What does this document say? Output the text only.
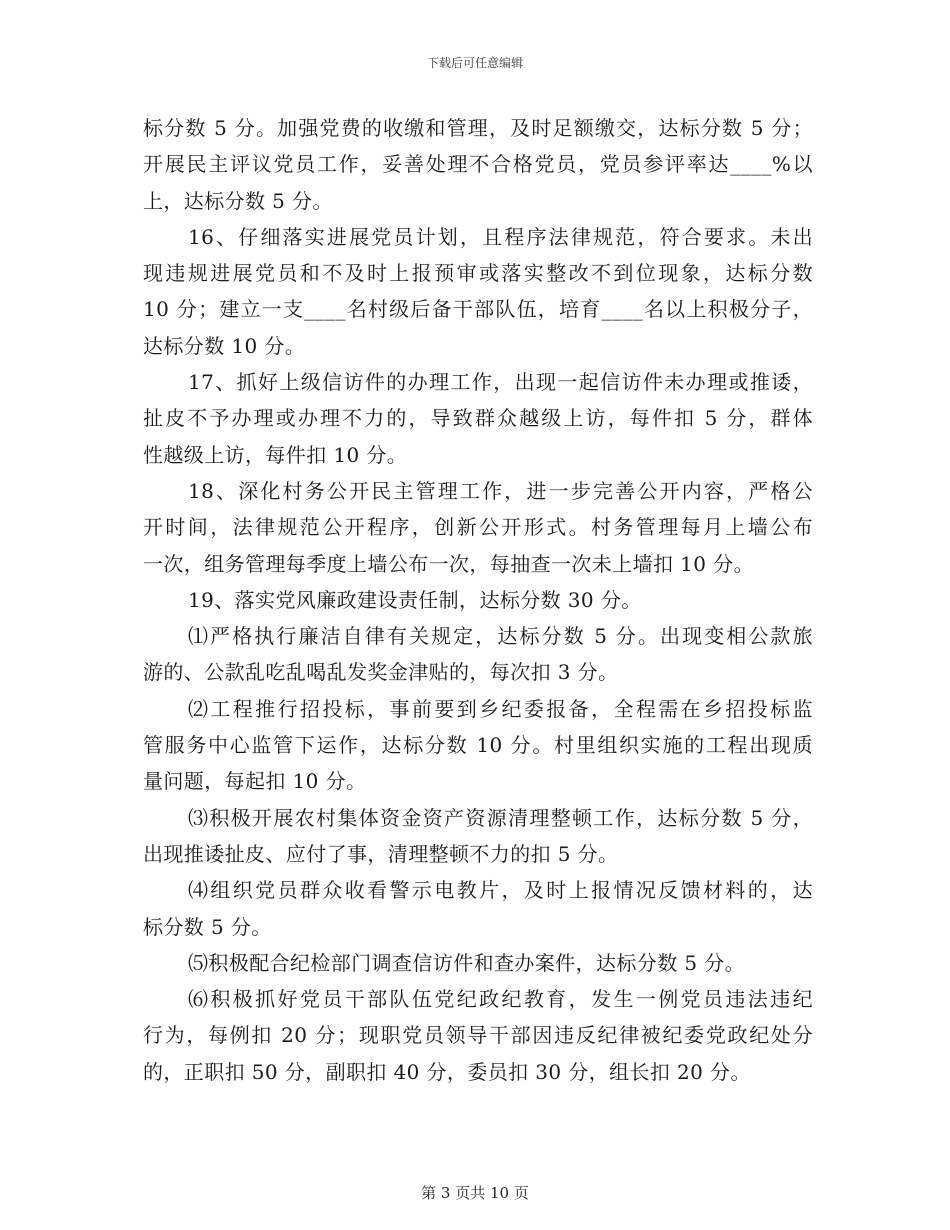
下载后可任意编辑
标分数 5 分。加强党费的收缴和管理，及时足额缴交，达标分数 5 分；
开展民主评议党员工作，妥善处理不合格党员，党员参评率达____%以
上，达标分数 5 分。
16、仔细落实进展党员计划，且程序法律规范，符合要求。未出
现违规进展党员和不及时上报预审或落实整改不到位现象，达标分数
10 分；建立一支____名村级后备干部队伍，培育____名以上积极分子，
达标分数 10 分。
17、抓好上级信访件的办理工作，出现一起信访件未办理或推诿，
扯皮不予办理或办理不力的，导致群众越级上访，每件扣 5 分，群体
性越级上访，每件扣 10 分。
18、深化村务公开民主管理工作，进一步完善公开内容，严格公
开时间，法律规范公开程序，创新公开形式。村务管理每月上墙公布
一次，组务管理每季度上墙公布一次，每抽查一次未上墙扣 10 分。
19、落实党风廉政建设责任制，达标分数 30 分。
⑴严格执行廉洁自律有关规定，达标分数 5 分。出现变相公款旅
游的、公款乱吃乱喝乱发奖金津贴的，每次扣 3 分。
⑵工程推行招投标，事前要到乡纪委报备，全程需在乡招投标监
管服务中心监管下运作，达标分数 10 分。村里组织实施的工程出现质
量问题，每起扣 10 分。
⑶积极开展农村集体资金资产资源清理整顿工作，达标分数 5 分，
出现推诿扯皮、应付了事，清理整顿不力的扣 5 分。
⑷组织党员群众收看警示电教片，及时上报情况反馈材料的，达
标分数 5 分。
⑸积极配合纪检部门调查信访件和查办案件，达标分数 5 分。
⑹积极抓好党员干部队伍党纪政纪教育，发生一例党员违法违纪
行为，每例扣 20 分；现职党员领导干部因违反纪律被纪委党政纪处分
的，正职扣 50 分，副职扣 40 分，委员扣 30 分，组长扣 20 分。
第 3 页共 10 页
